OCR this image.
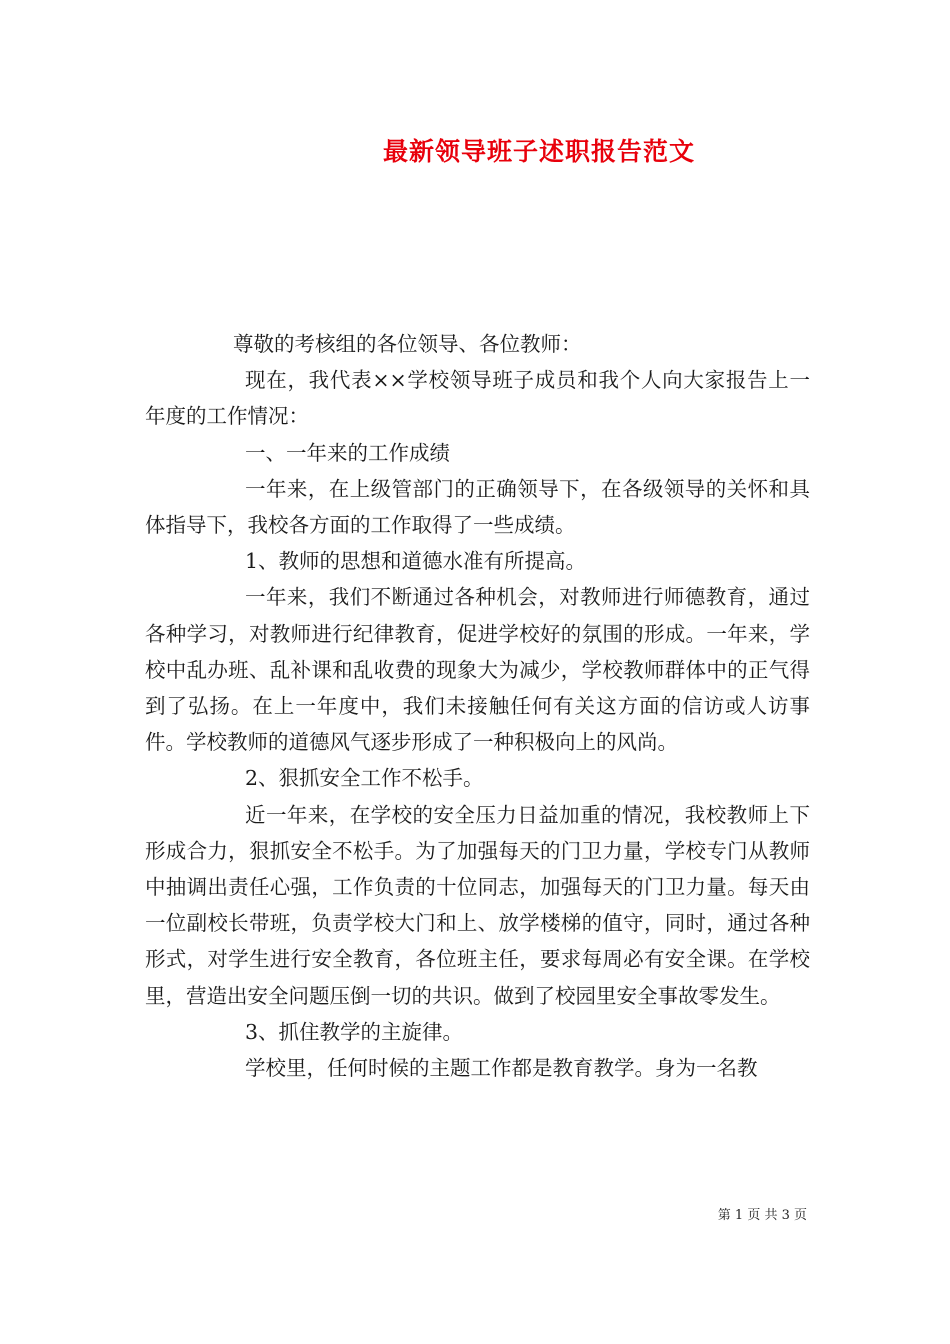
最新领导班子述职报告范文

尊敬的考核组的各位领导、各位教师：

现在，我代表××学校领导班子成员和我个人向大家报告上一年度的工作情况：

一、一年来的工作成绩

一年来，在上级管部门的正确领导下，在各级领导的关怀和具体指导下，我校各方面的工作取得了一些成绩。

1、教师的思想和道德水准有所提高。

一年来，我们不断通过各种机会，对教师进行师德教育，通过各种学习，对教师进行纪律教育，促进学校好的氛围的形成。一年来，学校中乱办班、乱补课和乱收费的现象大为减少，学校教师群体中的正气得到了弘扬。在上一年度中，我们未接触任何有关这方面的信访或人访事件。学校教师的道德风气逐步形成了一种积极向上的风尚。

2、狠抓安全工作不松手。

近一年来，在学校的安全压力日益加重的情况，我校教师上下形成合力，狠抓安全不松手。为了加强每天的门卫力量，学校专门从教师中抽调出责任心强，工作负责的十位同志，加强每天的门卫力量。每天由一位副校长带班，负责学校大门和上、放学楼梯的值守，同时，通过各种形式，对学生进行安全教育，各位班主任，要求每周必有安全课。在学校里，营造出安全问题压倒一切的共识。做到了校园里安全事故零发生。

3、抓住教学的主旋律。

学校里，任何时候的主题工作都是教育教学。身为一名教

第 1 页 共 3 页
